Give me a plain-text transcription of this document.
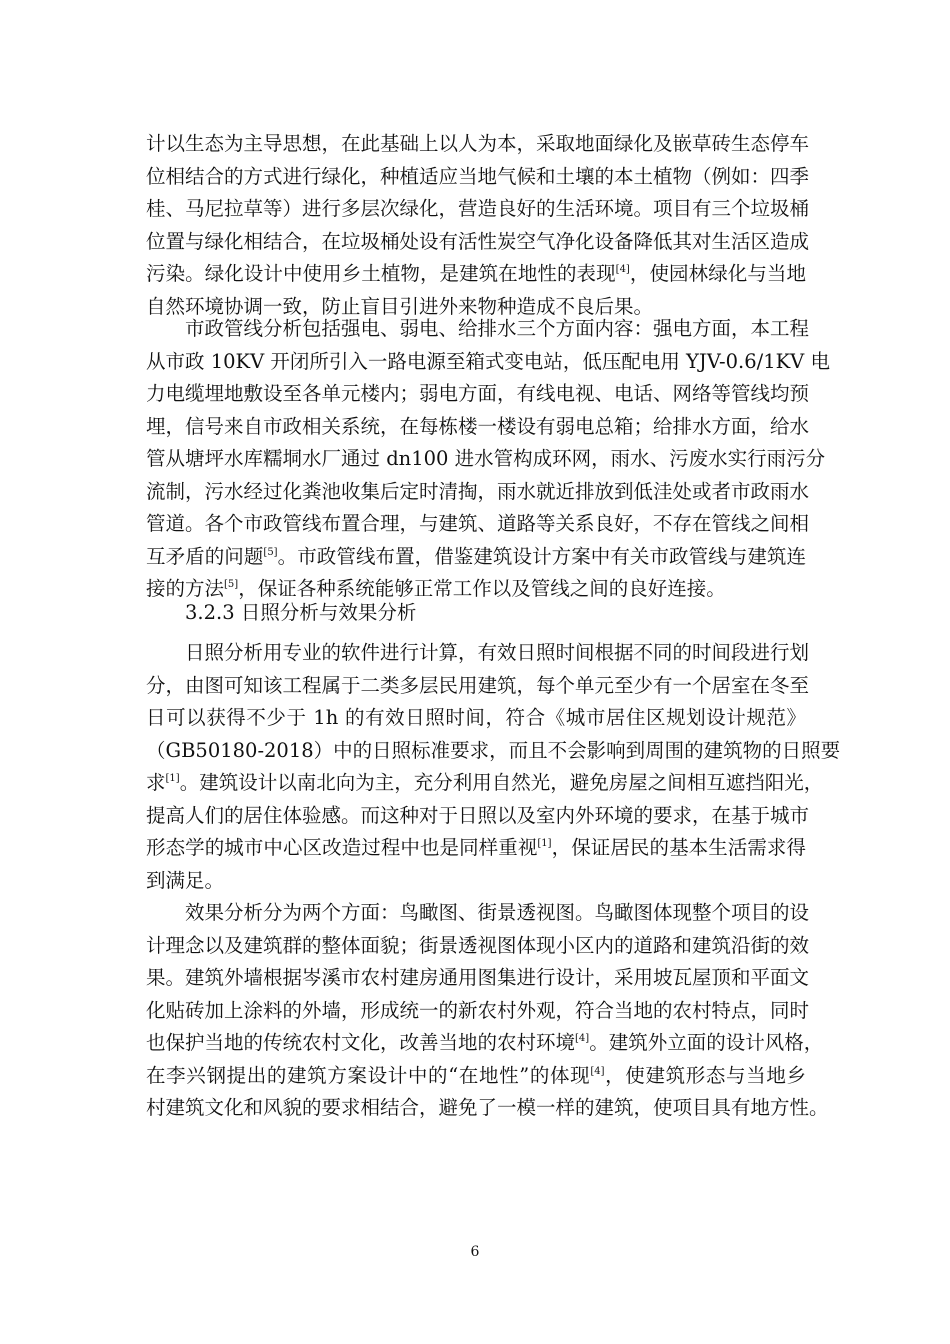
计以生态为主导思想，在此基础上以人为本，采取地面绿化及嵌草砖生态停车
位相结合的方式进行绿化，种植适应当地气候和土壤的本土植物（例如：四季
桂、马尼拉草等）进行多层次绿化，营造良好的生活环境。项目有三个垃圾桶
位置与绿化相结合，在垃圾桶处设有活性炭空气净化设备降低其对生活区造成
污染。绿化设计中使用乡土植物，是建筑在地性的表现[4]，使园林绿化与当地
自然环境协调一致，防止盲目引进外来物种造成不良后果。
市政管线分析包括强电、弱电、给排水三个方面内容：强电方面，本工程
从市政 10KV 开闭所引入一路电源至箱式变电站，低压配电用 YJV-0.6/1KV 电
力电缆埋地敷设至各单元楼内；弱电方面，有线电视、电话、网络等管线均预
埋，信号来自市政相关系统，在每栋楼一楼设有弱电总箱；给排水方面，给水
管从塘坪水库糯垌水厂通过 dn100 进水管构成环网，雨水、污废水实行雨污分
流制，污水经过化粪池收集后定时清掏，雨水就近排放到低洼处或者市政雨水
管道。各个市政管线布置合理，与建筑、道路等关系良好，不存在管线之间相
互矛盾的问题[5]。市政管线布置，借鉴建筑设计方案中有关市政管线与建筑连
接的方法[5]，保证各种系统能够正常工作以及管线之间的良好连接。
3.2.3 日照分析与效果分析
日照分析用专业的软件进行计算，有效日照时间根据不同的时间段进行划
分，由图可知该工程属于二类多层民用建筑，每个单元至少有一个居室在冬至
日可以获得不少于 1h 的有效日照时间，符合《城市居住区规划设计规范》
（GB50180-2018）中的日照标准要求，而且不会影响到周围的建筑物的日照要
求[1]。建筑设计以南北向为主，充分利用自然光，避免房屋之间相互遮挡阳光，
提高人们的居住体验感。而这种对于日照以及室内外环境的要求，在基于城市
形态学的城市中心区改造过程中也是同样重视[1]，保证居民的基本生活需求得
到满足。
效果分析分为两个方面：鸟瞰图、街景透视图。鸟瞰图体现整个项目的设
计理念以及建筑群的整体面貌；街景透视图体现小区内的道路和建筑沿街的效
果。建筑外墙根据岑溪市农村建房通用图集进行设计，采用坡瓦屋顶和平面文
化贴砖加上涂料的外墙，形成统一的新农村外观，符合当地的农村特点，同时
也保护当地的传统农村文化，改善当地的农村环境[4]。建筑外立面的设计风格，
在李兴钢提出的建筑方案设计中的“在地性”的体现[4]，使建筑形态与当地乡
村建筑文化和风貌的要求相结合，避免了一模一样的建筑，使项目具有地方性。
6
